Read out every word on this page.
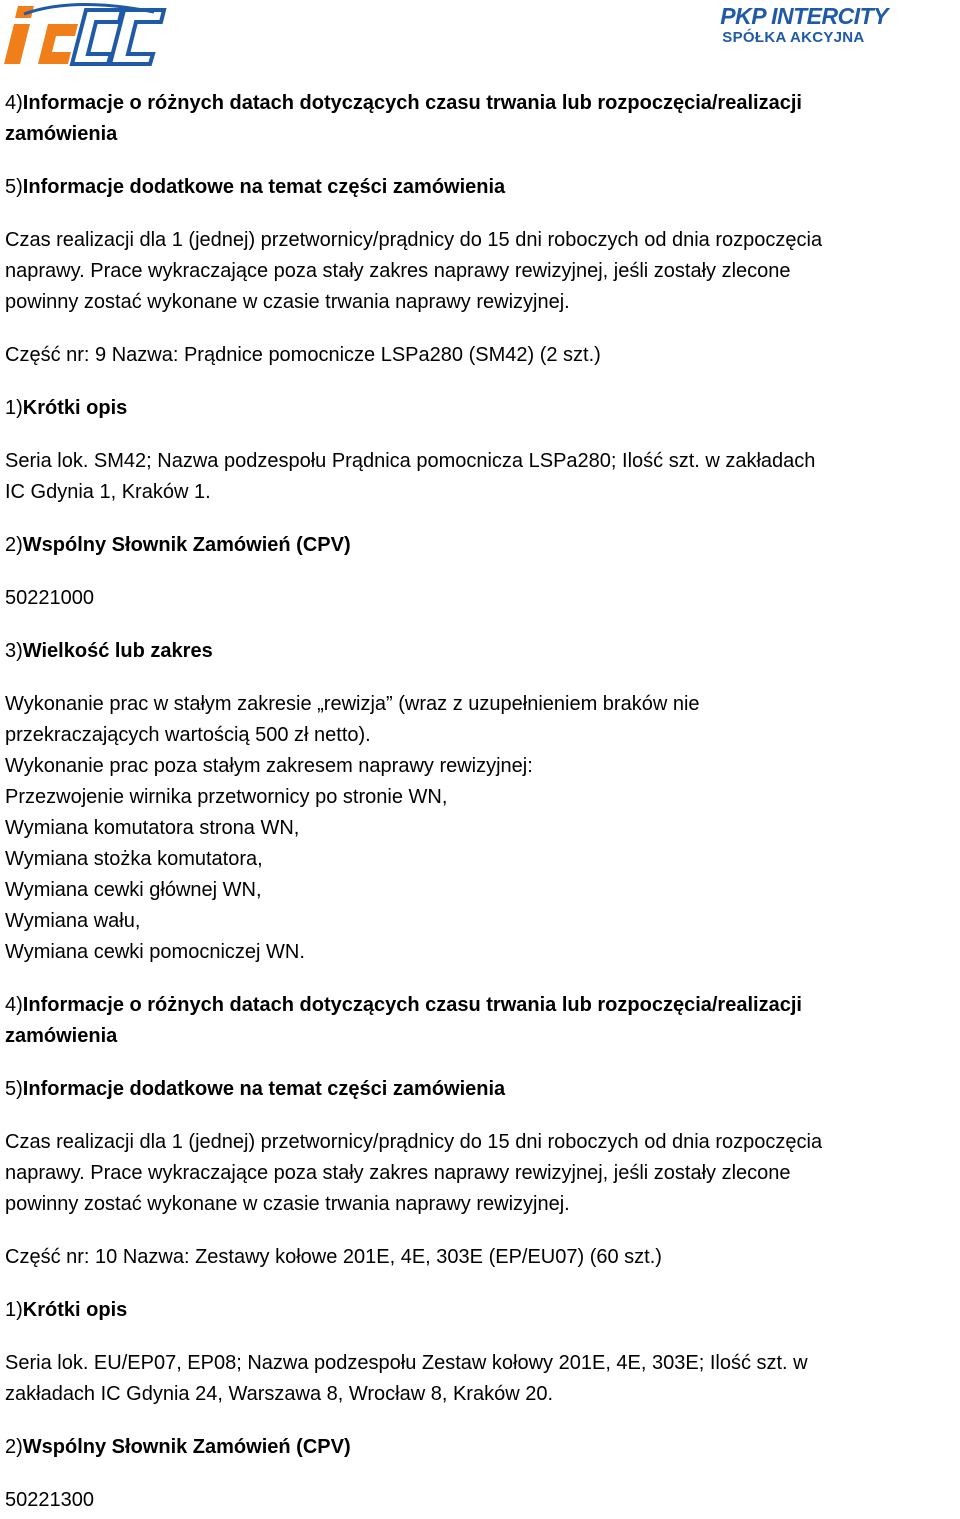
PKP INTERCITY
SPÓŁKA AKCYJNA
4)Informacje o różnych datach dotyczących czasu trwania lub rozpoczęcia/realizacji
zamówienia
5)Informacje dodatkowe na temat części zamówienia
Czas realizacji dla 1 (jednej) przetwornicy/prądnicy do 15 dni roboczych od dnia rozpoczęcia
naprawy. Prace wykraczające poza stały zakres naprawy rewizyjnej, jeśli zostały zlecone
powinny zostać wykonane w czasie trwania naprawy rewizyjnej.
Część nr: 9 Nazwa: Prądnice pomocnicze LSPa280 (SM42) (2 szt.)
1)Krótki opis
Seria lok. SM42; Nazwa podzespołu Prądnica pomocnicza LSPa280; Ilość szt. w zakładach
IC Gdynia 1, Kraków 1.
2)Wspólny Słownik Zamówień (CPV)
50221000
3)Wielkość lub zakres
Wykonanie prac w stałym zakresie „rewizja” (wraz z uzupełnieniem braków nie
przekraczających wartością 500 zł netto).
Wykonanie prac poza stałym zakresem naprawy rewizyjnej:
Przezwojenie wirnika przetwornicy po stronie WN,
Wymiana komutatora strona WN,
Wymiana stożka komutatora,
Wymiana cewki głównej WN,
Wymiana wału,
Wymiana cewki pomocniczej WN.
4)Informacje o różnych datach dotyczących czasu trwania lub rozpoczęcia/realizacji
zamówienia
5)Informacje dodatkowe na temat części zamówienia
Czas realizacji dla 1 (jednej) przetwornicy/prądnicy do 15 dni roboczych od dnia rozpoczęcia
naprawy. Prace wykraczające poza stały zakres naprawy rewizyjnej, jeśli zostały zlecone
powinny zostać wykonane w czasie trwania naprawy rewizyjnej.
Część nr: 10 Nazwa: Zestawy kołowe 201E, 4E, 303E (EP/EU07) (60 szt.)
1)Krótki opis
Seria lok. EU/EP07, EP08; Nazwa podzespołu Zestaw kołowy 201E, 4E, 303E; Ilość szt. w
zakładach IC Gdynia 24, Warszawa 8, Wrocław 8, Kraków 20.
2)Wspólny Słownik Zamówień (CPV)
50221300
